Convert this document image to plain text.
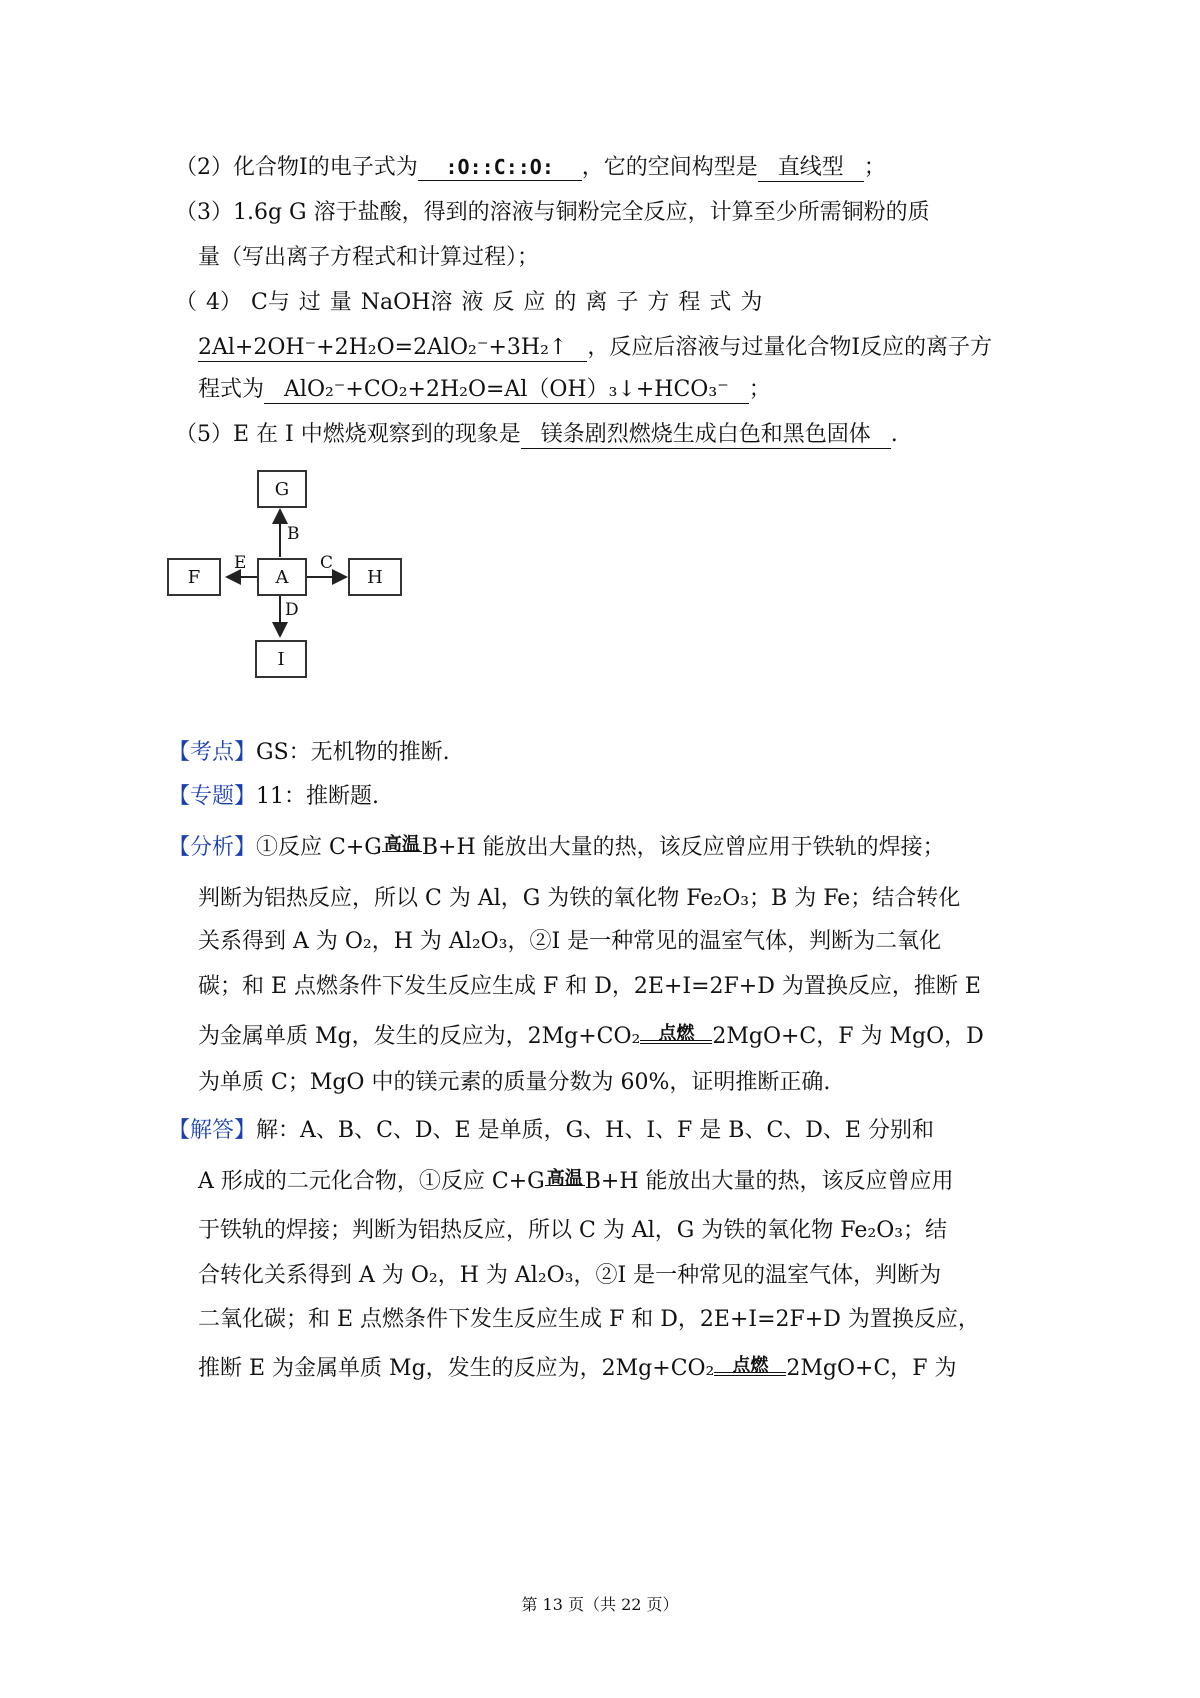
（2）化合物I的电子式为 :O::C::O: ，它的空间构型是 直线型 ；
（3）1.6g G 溶于盐酸，得到的溶液与铜粉完全反应，计算至少所需铜粉的质
量（写出离子方程式和计算过程）；
（ 4） C与 过 量 NaOH溶 液 反 应 的 离 子 方 程 式 为
2Al+2OH⁻+2H₂O=2AlO₂⁻+3H₂↑ ，反应后溶液与过量化合物I反应的离子方
程式为 AlO₂⁻+CO₂+2H₂O=Al（OH）₃↓+HCO₃⁻ ；
（5）E 在 I 中燃烧观察到的现象是 镁条剧烈燃烧生成白色和黑色固体 .
G
A
F	H
I
B
E	C
D
【考点】GS：无机物的推断.
【专题】11：推断题.
【分析】①反应 C+G 高温 B+H 能放出大量的热，该反应曾应用于铁轨的焊接；
判断为铝热反应，所以 C 为 Al，G 为铁的氧化物 Fe₂O₃；B 为 Fe；结合转化
关系得到 A 为 O₂，H 为 Al₂O₃，②I 是一种常见的温室气体，判断为二氧化
碳；和 E 点燃条件下发生反应生成 F 和 D，2E+I=2F+D 为置换反应，推断 E
为金属单质 Mg，发生的反应为，2Mg+CO₂	点燃 2MgO+C，F 为 MgO，D
为单质 C；MgO 中的镁元素的质量分数为 60%，证明推断正确.
【解答】解：A、B、C、D、E 是单质，G、H、I、F 是 B、C、D、E 分别和
A 形成的二元化合物，①反应 C+G 高温 B+H 能放出大量的热，该反应曾应用
于铁轨的焊接；判断为铝热反应，所以 C 为 Al，G 为铁的氧化物 Fe₂O₃；结
合转化关系得到 A 为 O₂，H 为 Al₂O₃，②I 是一种常见的温室气体，判断为
二氧化碳；和 E 点燃条件下发生反应生成 F 和 D，2E+I=2F+D 为置换反应，
推断 E 为金属单质 Mg，发生的反应为，2Mg+CO₂	点燃 2MgO+C，F 为
第 13 页（共 22 页）
